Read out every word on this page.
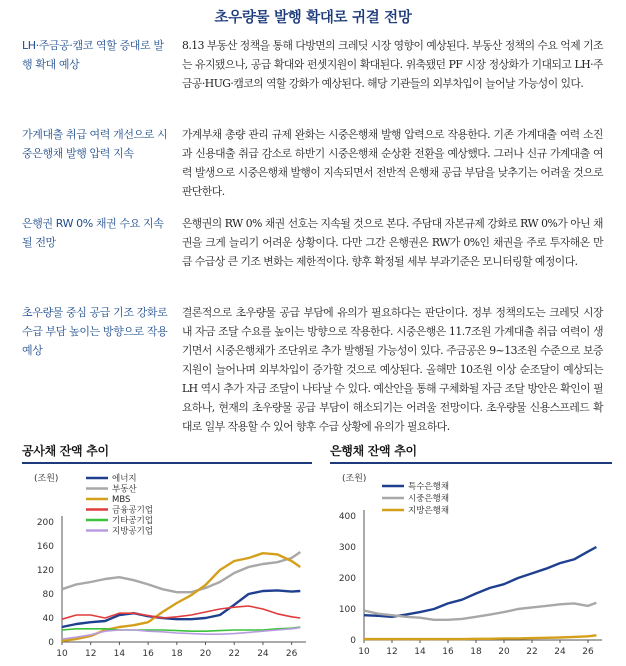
초우량물 발행 확대로 귀결 전망
LH·주금공·캠코 역할 증대로 발행 확대 예상
8.13 부동산 정책을 통해 다방면의 크레딧 시장 영향이 예상된다. 부동산 정책의 수요 억제 기조는 유지됐으나, 공급 확대와 펀셋지원이 확대된다. 위축됐던 PF 시장 정상화가 기대되고 LH·주금공·HUG·캠코의 역할 강화가 예상된다. 해당 기관들의 외부차입이 늘어날 가능성이 있다.
가계대출 취급 여력 개선으로 시중은행채 발행 압력 지속
가계부채 총량 관리 규제 완화는 시중은행채 발행 압력으로 작용한다. 기존 가계대출 여력 소진과 신용대출 취급 감소로 하반기 시중은행채 순상환 전환을 예상했다. 그러나 신규 가계대출 여력 발생으로 시중은행채 발행이 지속되면서 전반적 은행채 공급 부담을 낮추기는 어려울 것으로 판단한다.
은행권 RW 0% 채권 수요 지속될 전망
은행권의 RW 0% 채권 선호는 지속될 것으로 본다. 주담대 자본규제 강화로 RW 0%가 아닌 채권을 크게 늘리기 어려운 상황이다. 다만 그간 은행권은 RW가 0%인 채권을 주로 투자해온 만큼 수급상 큰 기조 변화는 제한적이다. 향후 확정될 세부 부과기준은 모니터링할 예정이다.
초우량물 중심 공급 기조 강화로 수급 부담 높이는 방향으로 작용 예상
결론적으로 초우량물 공급 부담에 유의가 필요하다는 판단이다. 정부 정책의도는 크레딧 시장 내 자금 조달 수요를 높이는 방향으로 작용한다. 시중은행은 11.7조원 가계대출 취급 여력이 생기면서 시중은행채가 조단위로 추가 발행될 가능성이 있다. 주금공은 9~13조원 수준으로 보증지원이 늘어나며 외부차입이 증가할 것으로 예상된다. 올해만 10조원 이상 순조달이 예상되는 LH 역시 추가 자금 조달이 나타날 수 있다. 예산안을 통해 구체화될 자금 조달 방안은 확인이 필요하나, 현재의 초우량물 공급 부담이 해소되기는 어려울 전망이다. 초우량물 신용스프레드 확대로 일부 작용할 수 있어 향후 수급 상황에 유의가 필요하다.
공사채 잔액 추이
(조원)
0
40
80
120
160
200
10 12 14 16 18 20 22 24 26
에너지
부동산
MBS
금융공기업
기타공기업
지방공기업
은행채 잔액 추이
(조원)
0
100
200
300
400
10 12 14 16 18 20 22 24 26
특수은행채
시중은행채
지방은행채
